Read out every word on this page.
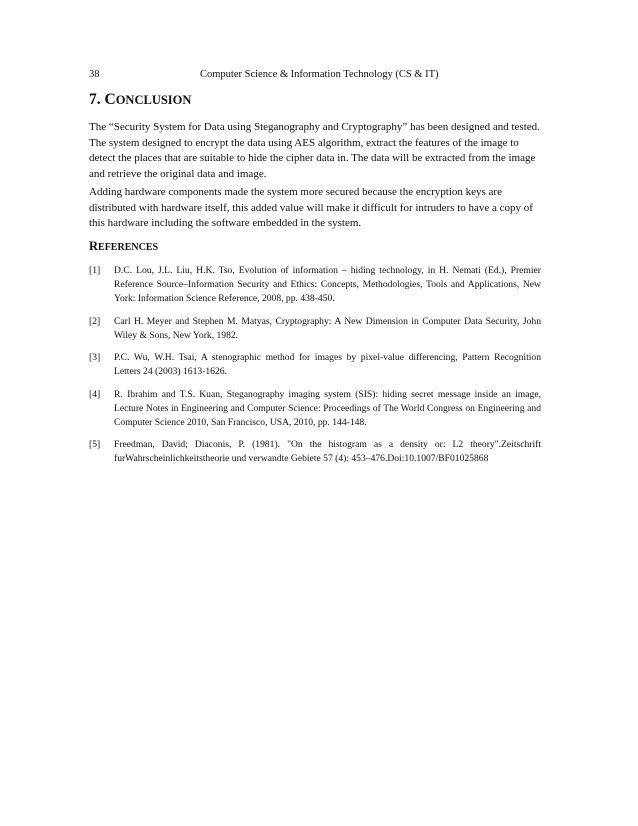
38	Computer Science & Information Technology (CS & IT)
7. CONCLUSION

The “Security System for Data using Steganography and Cryptography” has been designed and tested. The system designed to encrypt the data using AES algorithm, extract the features of the image to detect the places that are suitable to hide the cipher data in. The data will be extracted from the image and retrieve the original data and image.

Adding hardware components made the system more secured because the encryption keys are distributed with hardware itself, this added value will make it difficult for intruders to have a copy of this hardware including the software embedded in the system.

REFERENCES
[1] D.C. Lou, J.L. Liu, H.K. Tso, Evolution of information – hiding technology, in H. Nemati (Ed.), Premier Reference Source–Information Security and Ethics: Concepts, Methodologies, Tools and Applications, New York: Information Science Reference, 2008, pp. 438-450.
[2] Carl H. Meyer and Stephen M. Matyas, Cryptography: A New Dimension in Computer Data Security, John Wiley & Sons, New York, 1982.
[3] P.C. Wu, W.H. Tsai, A stenographic method for images by pixel-value differencing, Pattern Recognition Letters 24 (2003) 1613-1626.
[4] R. Ibrahim and T.S. Kuan, Steganography imaging system (SIS): hiding secret message inside an image, Lecture Notes in Engineering and Computer Science: Proceedings of The World Congress on Engineering and Computer Science 2010, San Francisco, USA, 2010, pp. 144-148.
[5] Freedman, David; Diaconis, P. (1981). "On the histogram as a density or: L2 theory".Zeitschrift furWahrscheinlichkeitstheorie und verwandte Gebiete 57 (4): 453–476.Doi:10.1007/BF01025868
